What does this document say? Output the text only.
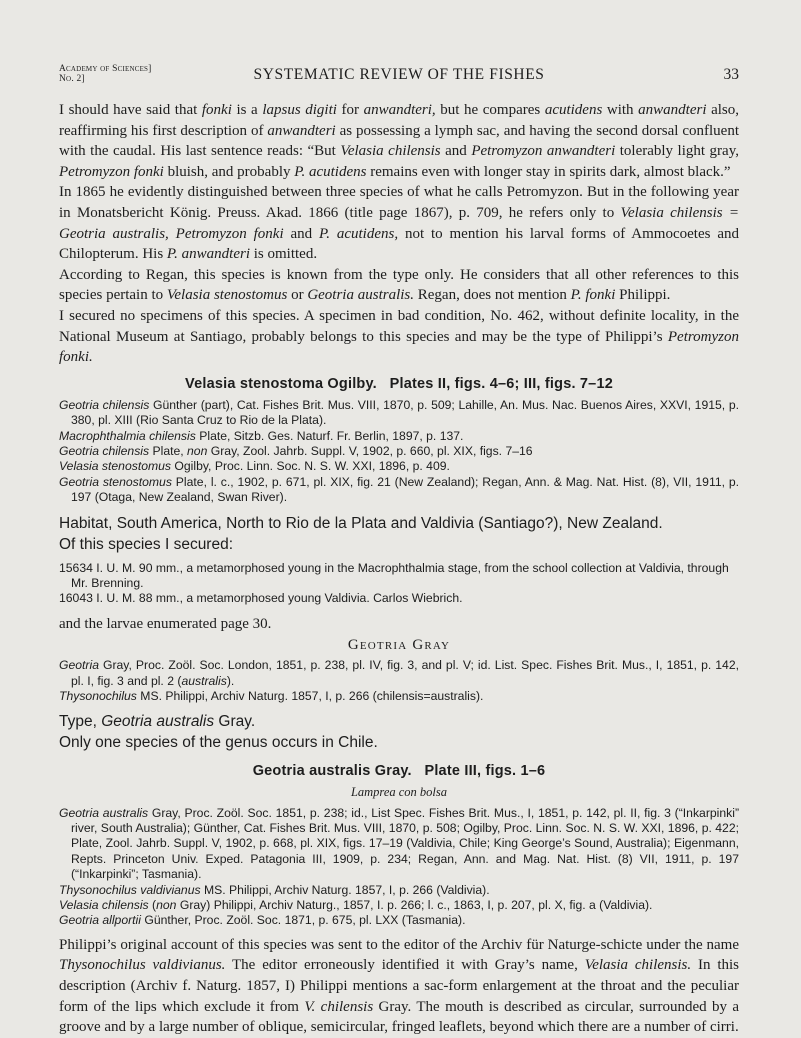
Academy of Sciences]
No. 2]	SYSTEMATIC REVIEW OF THE FISHES	33

I should have said that fonki is a lapsus digiti for anwandteri, but he compares acutidens with anwandteri also, reaffirming his first description of anwandteri as possessing a lymph sac, and having the second dorsal confluent with the caudal. His last sentence reads: “But Velasia chilensis and Petromyzon anwandteri tolerably light gray, Petromyzon fonki bluish, and probably P. acutidens remains even with longer stay in spirits dark, almost black.”

In 1865 he evidently distinguished between three species of what he calls Petromyzon. But in the following year in Monatsbericht König. Preuss. Akad. 1866 (title page 1867), p. 709, he refers only to Velasia chilensis = Geotria australis, Petromyzon fonki and P. acutidens, not to mention his larval forms of Ammocoetes and Chilopterum. His P. anwandteri is omitted.

According to Regan, this species is known from the type only. He considers that all other references to this species pertain to Velasia stenostomus or Geotria australis. Regan, does not mention P. fonki Philippi.

I secured no specimens of this species. A specimen in bad condition, No. 462, without definite locality, in the National Museum at Santiago, probably belongs to this species and may be the type of Philippi’s Petromyzon fonki.

Velasia stenostoma Ogilby. Plates II, figs. 4–6; III, figs. 7–12

Geotria chilensis Günther (part), Cat. Fishes Brit. Mus. VIII, 1870, p. 509; Lahille, An. Mus. Nac. Buenos Aires, XXVI, 1915, p. 380, pl. XIII (Rio Santa Cruz to Rio de la Plata).

Macrophthalmia chilensis Plate, Sitzb. Ges. Naturf. Fr. Berlin, 1897, p. 137.

Geotria chilensis Plate, non Gray, Zool. Jahrb. Suppl. V, 1902, p. 660, pl. XIX, figs. 7–16

Velasia stenostomus Ogilby, Proc. Linn. Soc. N. S. W. XXI, 1896, p. 409.

Geotria stenostomus Plate, l. c., 1902, p. 671, pl. XIX, fig. 21 (New Zealand); Regan, Ann. & Mag. Nat. Hist. (8), VII, 1911, p. 197 (Otaga, New Zealand, Swan River).

Habitat, South America, North to Rio de la Plata and Valdivia (Santiago?), New Zealand.
Of this species I secured:

15634 I. U. M. 90 mm., a metamorphosed young in the Macrophthalmia stage, from the school collection at Valdivia, through Mr. Brenning.

16043 I. U. M. 88 mm., a metamorphosed young Valdivia. Carlos Wiebrich.

and the larvae enumerated page 30.

Geotria Gray

Geotria Gray, Proc. Zoöl. Soc. London, 1851, p. 238, pl. IV, fig. 3, and pl. V; id. List. Spec. Fishes Brit. Mus., I, 1851, p. 142, pl. I, fig. 3 and pl. 2 (australis).

Thysonochilus MS. Philippi, Archiv Naturg. 1857, I, p. 266 (chilensis=australis).

Type, Geotria australis Gray.
Only one species of the genus occurs in Chile.

Geotria australis Gray. Plate III, figs. 1–6
Lamprea con bolsa

Geotria australis Gray, Proc. Zoöl. Soc. 1851, p. 238; id., List Spec. Fishes Brit. Mus., I, 1851, p. 142, pl. II, fig. 3 (“Inkarpinki” river, South Australia); Günther, Cat. Fishes Brit. Mus. VIII, 1870, p. 508; Ogilby, Proc. Linn. Soc. N. S. W. XXI, 1896, p. 422; Plate, Zool. Jahrb. Suppl. V, 1902, p. 668, pl. XIX, figs. 17–19 (Valdivia, Chile; King George’s Sound, Australia); Eigenmann, Repts. Princeton Univ. Exped. Patagonia III, 1909, p. 234; Regan, Ann. and Mag. Nat. Hist. (8) VII, 1911, p. 197 (“Inkarpinki”; Tasmania).

Thysonochilus valdivianus MS. Philippi, Archiv Naturg. 1857, I, p. 266 (Valdivia).

Velasia chilensis (non Gray) Philippi, Archiv Naturg., 1857, I. p. 266; l. c., 1863, I, p. 207, pl. X, fig. a (Valdivia).

Geotria allportii Günther, Proc. Zoöl. Soc. 1871, p. 675, pl. LXX (Tasmania).

Philippi’s original account of this species was sent to the editor of the Archiv für Naturge-schicte under the name Thysonochilus valdivianus. The editor erroneously identified it with Gray’s name, Velasia chilensis. In this description (Archiv f. Naturg. 1857, I) Philippi mentions a sac-form enlargement at the throat and the peculiar form of the lips which exclude it from V. chilensis Gray. The mouth is described as circular, surrounded by a groove and by a large number of oblique, semicircular, fringed leaflets, beyond which there are a number of cirri.
